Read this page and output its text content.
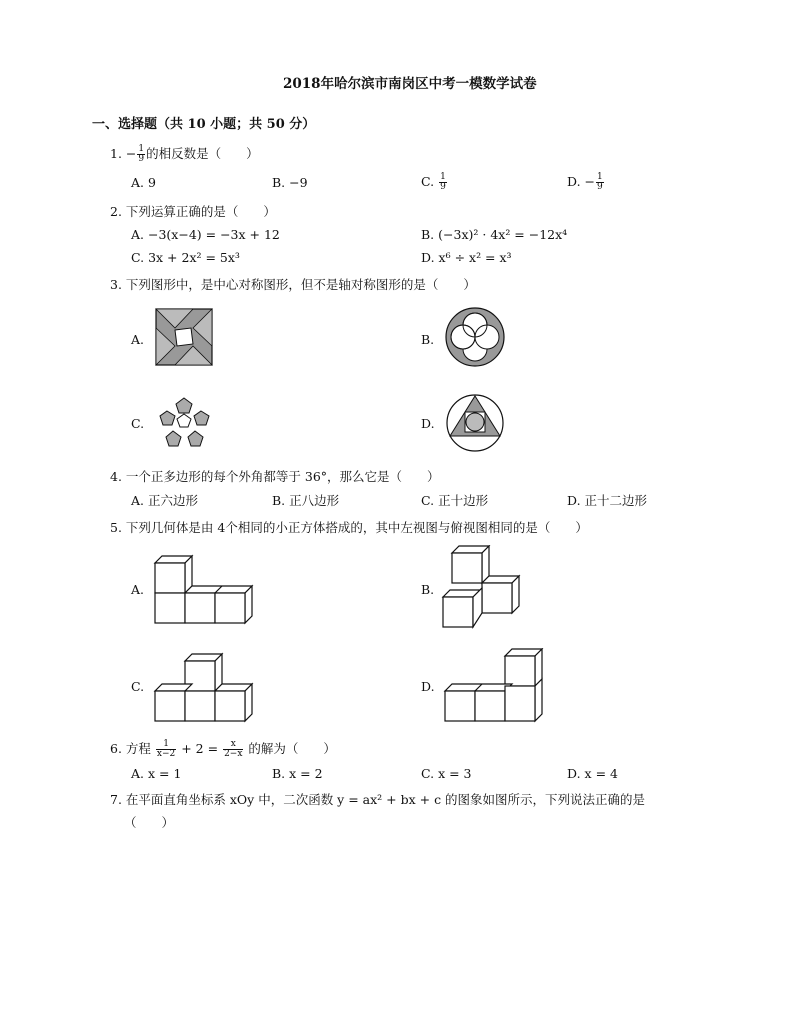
2018年哈尔滨市南岗区中考一模数学试卷
一、选择题（共 10 小题；共 50 分）
1. − $\frac{1}{9}$ 的相反数是（　　）
A. 9	B. −9	C. $\frac{1}{9}$	D. − $\frac{1}{9}$
2. 下列运算正确的是（　　）
A. −3(x−4) = −3x + 12	B. (−3x)² · 4x² = −12x⁴
C. 3x + 2x² = 5x³	D. x⁶ ÷ x² = x³
3. 下列图形中，是中心对称图形，但不是轴对称图形的是（　　）
A.	B.
C.	D.
4. 一个正多边形的每个外角都等于 36°，那么它是（　　）
A. 正六边形	B. 正八边形	C. 正十边形	D. 正十二边形
5. 下列几何体是由 4个相同的小正方体搭成的，其中左视图与俯视图相同的是（　　）
A.	B.
C.	D.
6. 方程 $\frac{1}{x-2} + 2 = \frac{x}{2-x}$ 的解为（　　）
A. x = 1	B. x = 2	C. x = 3	D. x = 4
7. 在平面直角坐标系 xOy 中，二次函数 y = ax² + bx + c 的图象如图所示，下列说法正确的是
（　　）
